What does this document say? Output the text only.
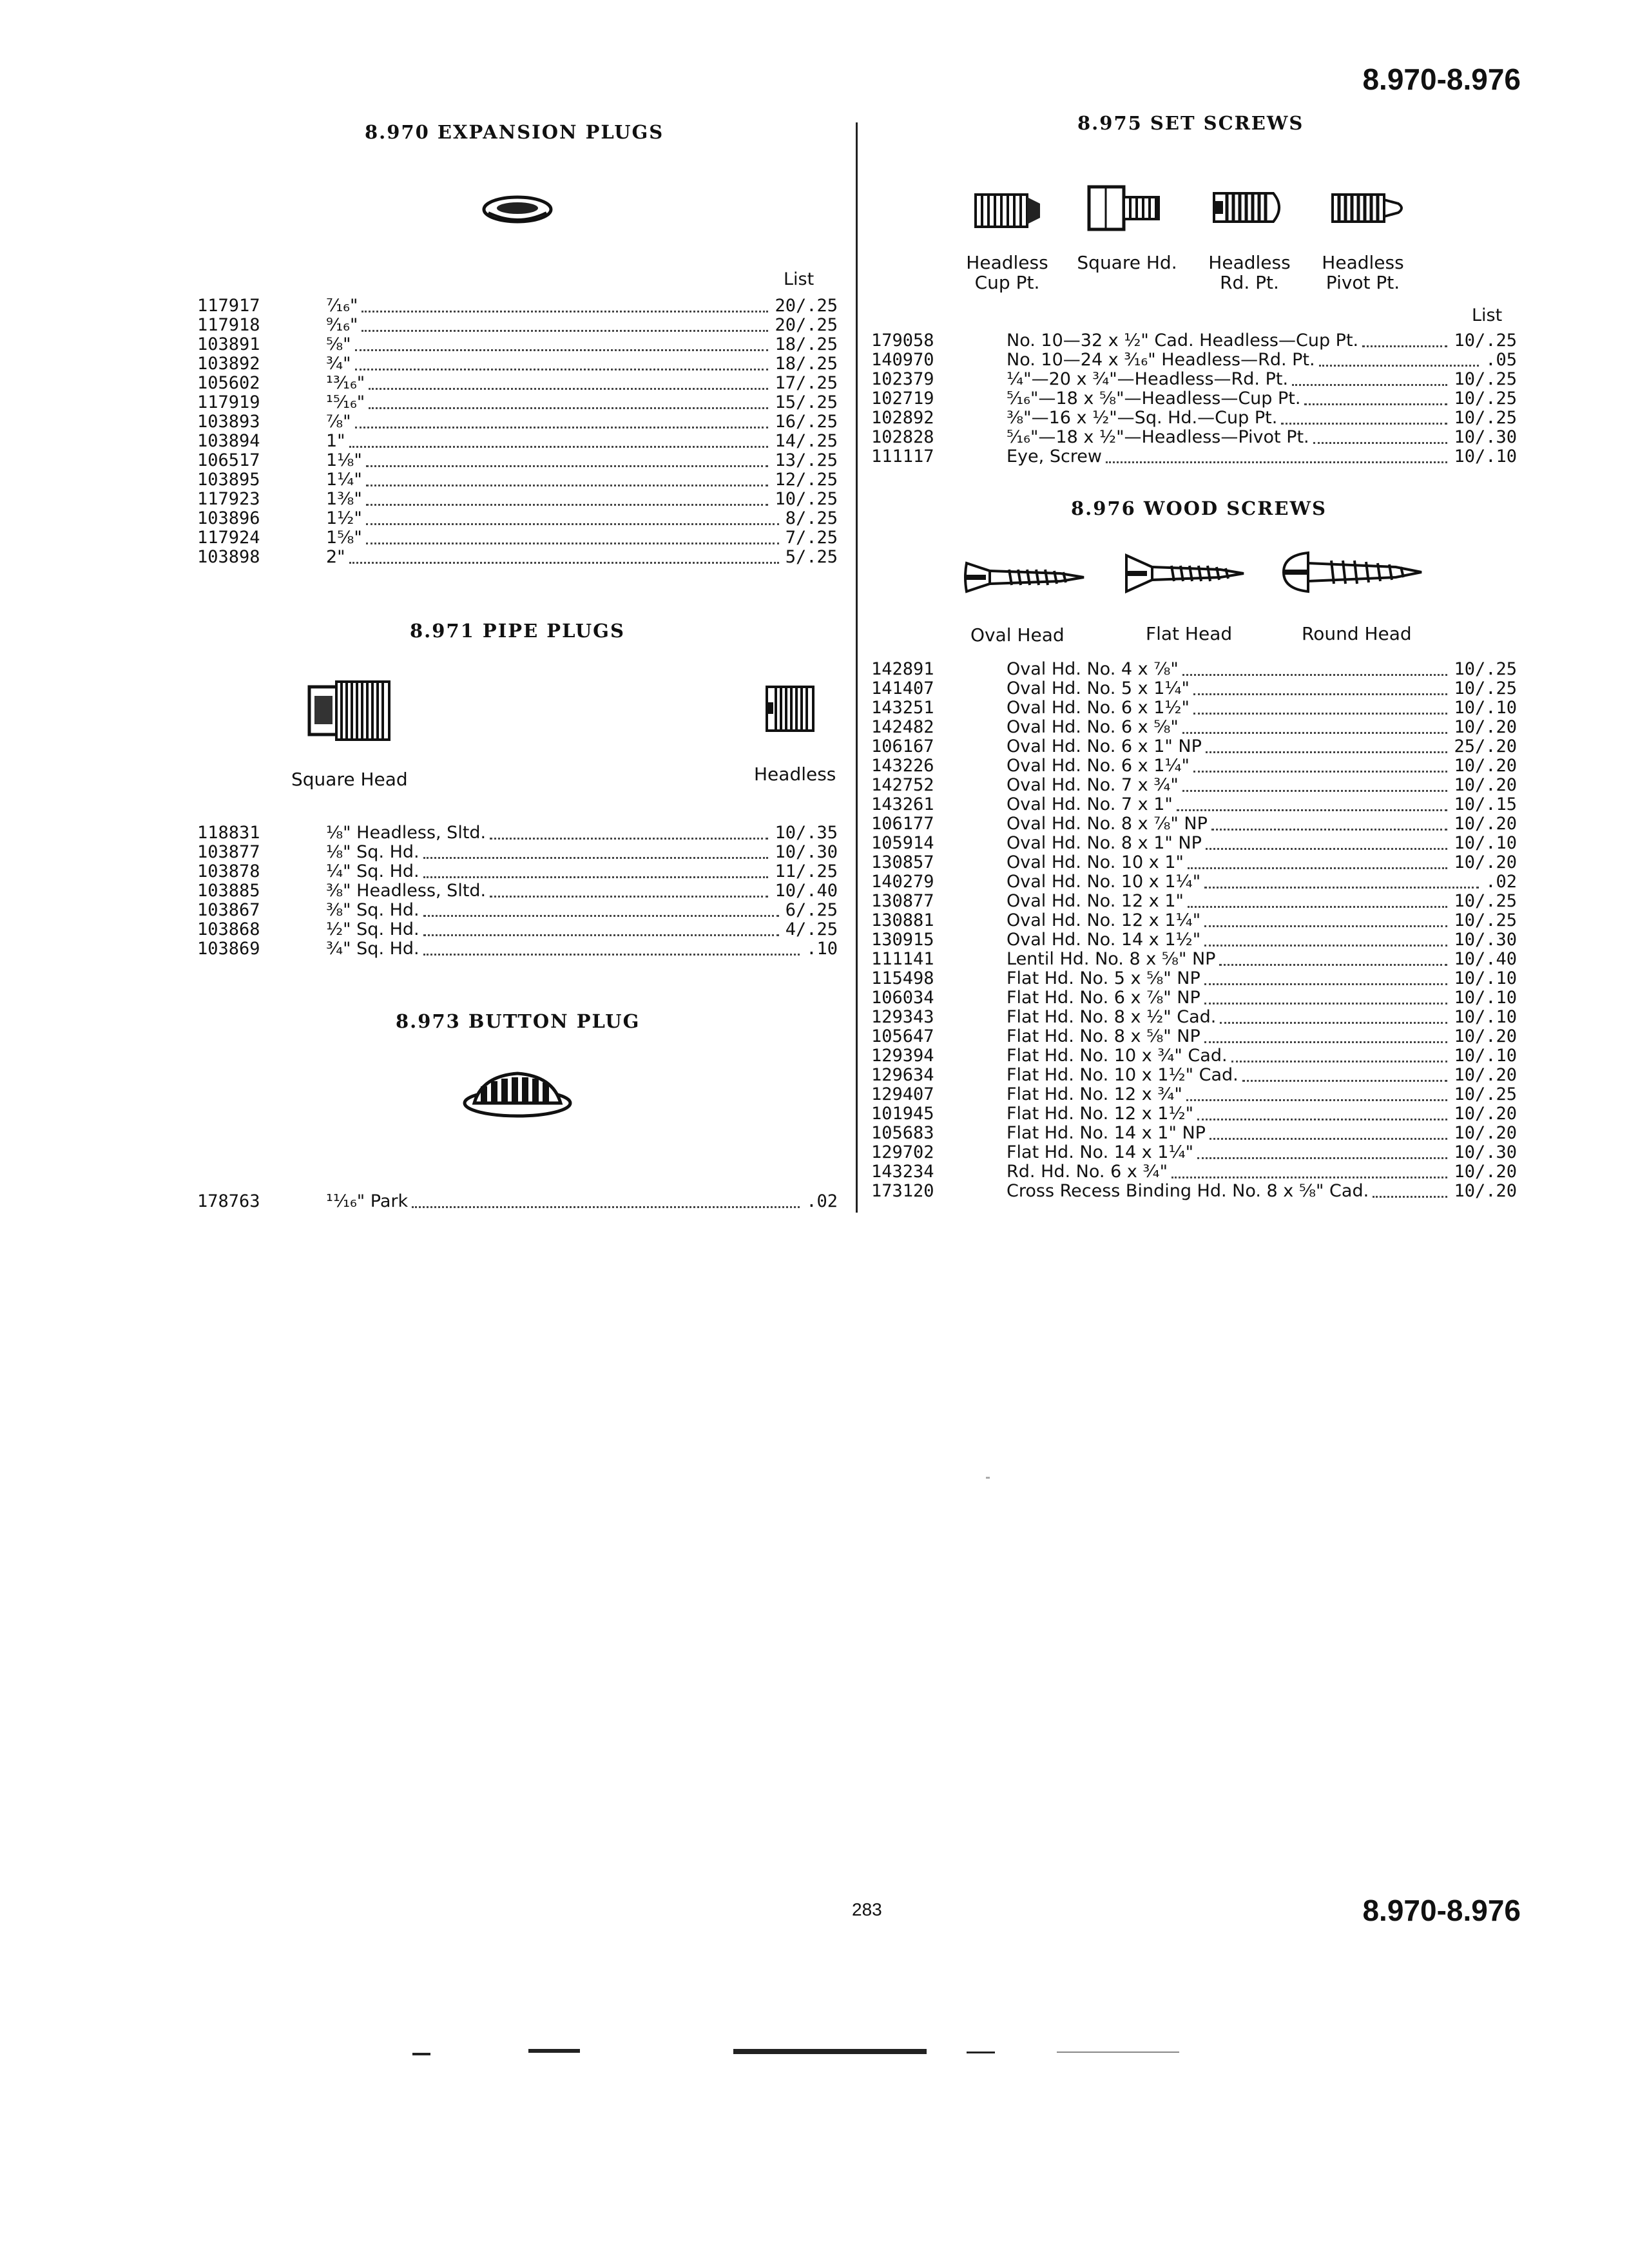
8.970-8.976
8.970-8.976
283
8.970 EXPANSION PLUGS
List
117917	⁷⁄₁₆"	20/.25
117918	⁹⁄₁₆"	20/.25
103891	⅝"	18/.25
103892	¾"	18/.25
105602	¹³⁄₁₆"	17/.25
117919	¹⁵⁄₁₆"	15/.25
103893	⅞"	16/.25
103894	1"	14/.25
106517	1⅛"	13/.25
103895	1¼"	12/.25
117923	1⅜"	10/.25
103896	1½"	8/.25
117924	1⅝"	7/.25
103898	2"	5/.25
8.971 PIPE PLUGS
Square Head	Headless
118831	⅛" Headless, Sltd.	10/.35
103877	⅛" Sq. Hd.	10/.30
103878	¼" Sq. Hd.	11/.25
103885	⅜" Headless, Sltd.	10/.40
103867	⅜" Sq. Hd.	6/.25
103868	½" Sq. Hd.	4/.25
103869	¾" Sq. Hd.	.10
8.973 BUTTON PLUG
178763	¹¹⁄₁₆" Park	.02
8.975 SET SCREWS
Headless
Cup Pt.
Square Hd.	Headless
Rd. Pt.
Headless
Pivot Pt.
List
179058	No. 10—32 x ½" Cad. Headless—Cup Pt.	10/.25
140970	No. 10—24 x ³⁄₁₆" Headless—Rd. Pt.	.05
102379	¼"—20 x ¾"—Headless—Rd. Pt.	10/.25
102719	⁵⁄₁₆"—18 x ⅝"—Headless—Cup Pt.	10/.25
102892	⅜"—16 x ½"—Sq. Hd.—Cup Pt.	10/.25
102828	⁵⁄₁₆"—18 x ½"—Headless—Pivot Pt.	10/.30
111117	Eye, Screw	10/.10
8.976 WOOD SCREWS
Oval Head	Flat Head	Round Head
142891	Oval Hd. No. 4 x ⅞"	10/.25
141407	Oval Hd. No. 5 x 1¼"	10/.25
143251	Oval Hd. No. 6 x 1½"	10/.10
142482	Oval Hd. No. 6 x ⅝"	10/.20
106167	Oval Hd. No. 6 x 1" NP	25/.20
143226	Oval Hd. No. 6 x 1¼"	10/.20
142752	Oval Hd. No. 7 x ¾"	10/.20
143261	Oval Hd. No. 7 x 1"	10/.15
106177	Oval Hd. No. 8 x ⅞" NP	10/.20
105914	Oval Hd. No. 8 x 1" NP	10/.10
130857	Oval Hd. No. 10 x 1"	10/.20
140279	Oval Hd. No. 10 x 1¼"	.02
130877	Oval Hd. No. 12 x 1"	10/.25
130881	Oval Hd. No. 12 x 1¼"	10/.25
130915	Oval Hd. No. 14 x 1½"	10/.30
111141	Lentil Hd. No. 8 x ⅝" NP	10/.40
115498	Flat Hd. No. 5 x ⅝" NP	10/.10
106034	Flat Hd. No. 6 x ⅞" NP	10/.10
129343	Flat Hd. No. 8 x ½" Cad.	10/.10
105647	Flat Hd. No. 8 x ⅝" NP	10/.20
129394	Flat Hd. No. 10 x ¾" Cad.	10/.10
129634	Flat Hd. No. 10 x 1½" Cad.	10/.20
129407	Flat Hd. No. 12 x ¾"	10/.25
101945	Flat Hd. No. 12 x 1½"	10/.20
105683	Flat Hd. No. 14 x 1" NP	10/.20
129702	Flat Hd. No. 14 x 1¼"	10/.30
143234	Rd. Hd. No. 6 x ¾"	10/.20
173120	Cross Recess Binding Hd. No. 8 x ⅝" Cad.	10/.20
